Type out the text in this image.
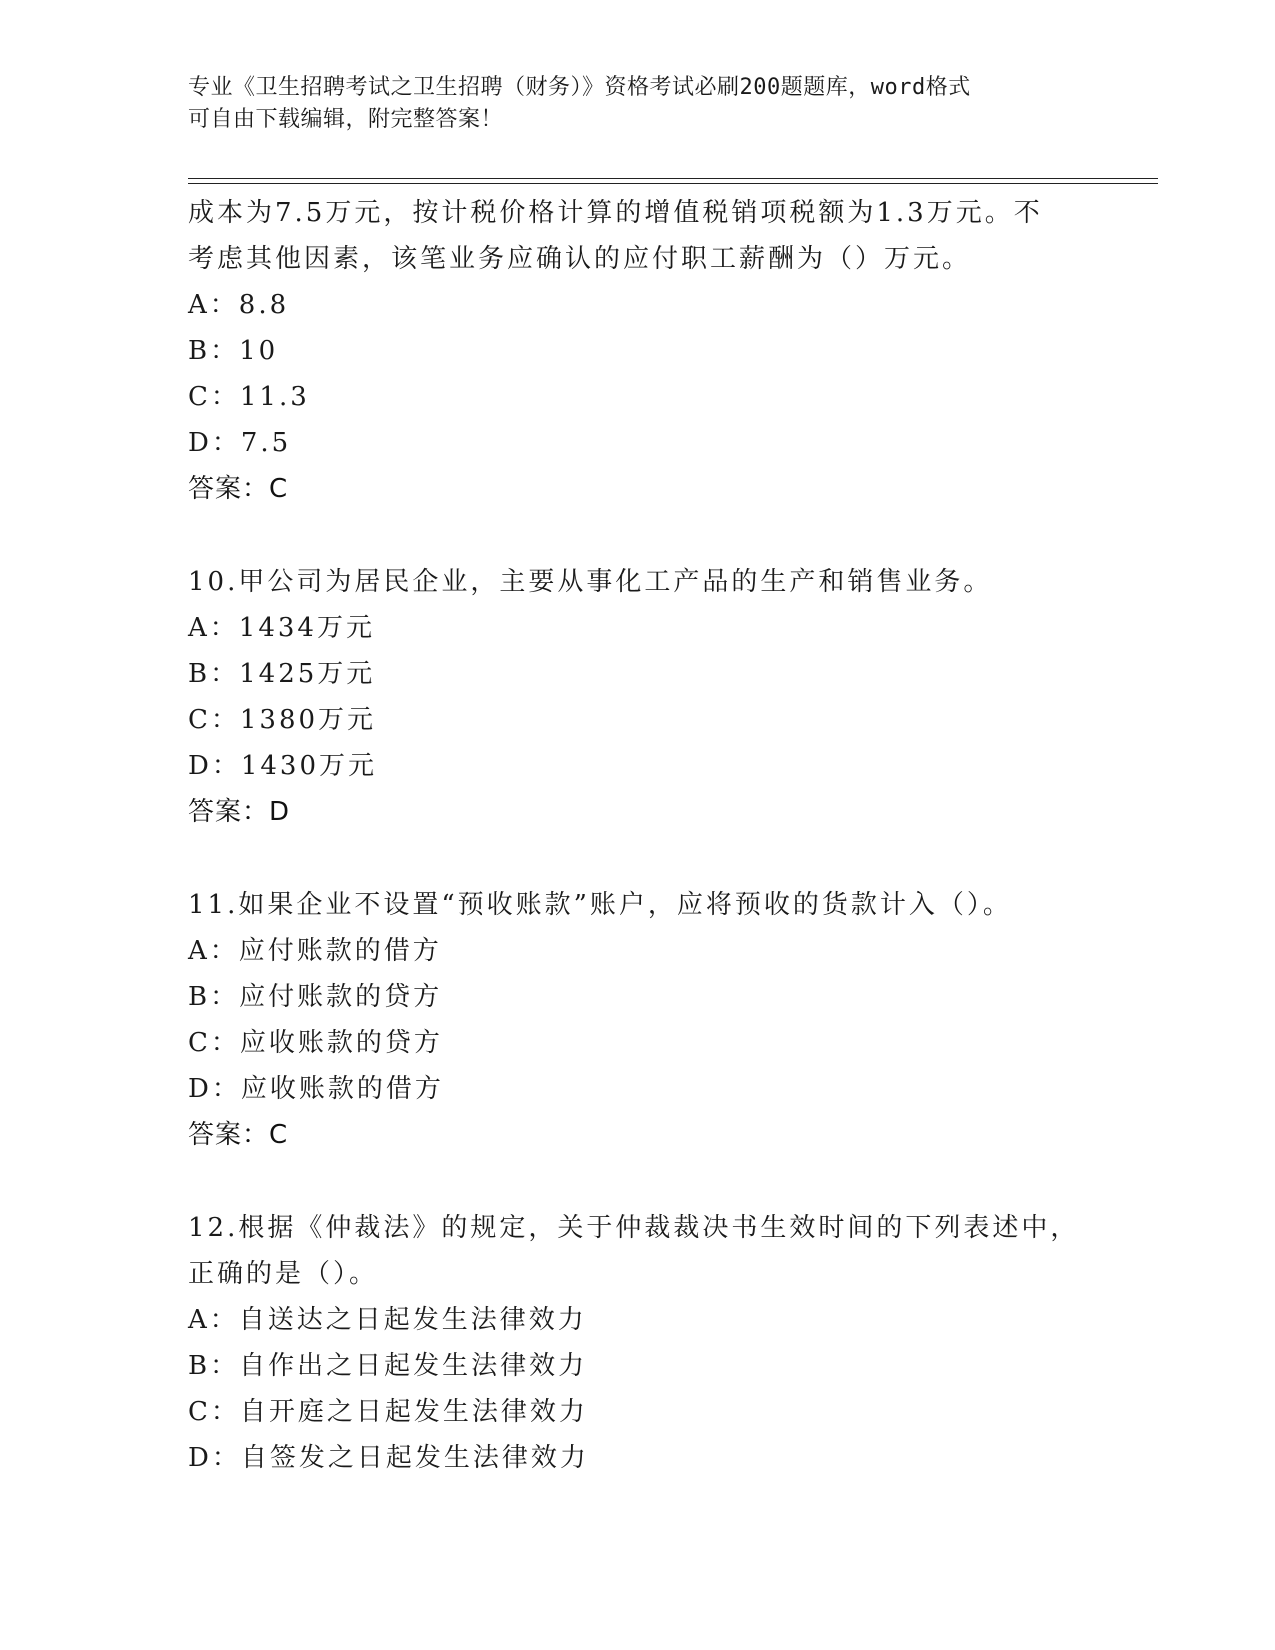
专业《卫生招聘考试之卫生招聘（财务）》资格考试必刷200题题库，word格式
可自由下载编辑，附完整答案！
成本为7.5万元，按计税价格计算的增值税销项税额为1.3万元。不
考虑其他因素，该笔业务应确认的应付职工薪酬为（）万元。
A：8.8
B：10
C：11.3
D：7.5
答案：C
10.甲公司为居民企业，主要从事化工产品的生产和销售业务。
A：1434万元
B：1425万元
C：1380万元
D：1430万元
答案：D
11.如果企业不设置“预收账款”账户，应将预收的货款计入（）。
A：应付账款的借方
B：应付账款的贷方
C：应收账款的贷方
D：应收账款的借方
答案：C
12.根据《仲裁法》的规定，关于仲裁裁决书生效时间的下列表述中，
正确的是（）。
A：自送达之日起发生法律效力
B：自作出之日起发生法律效力
C：自开庭之日起发生法律效力
D：自签发之日起发生法律效力
